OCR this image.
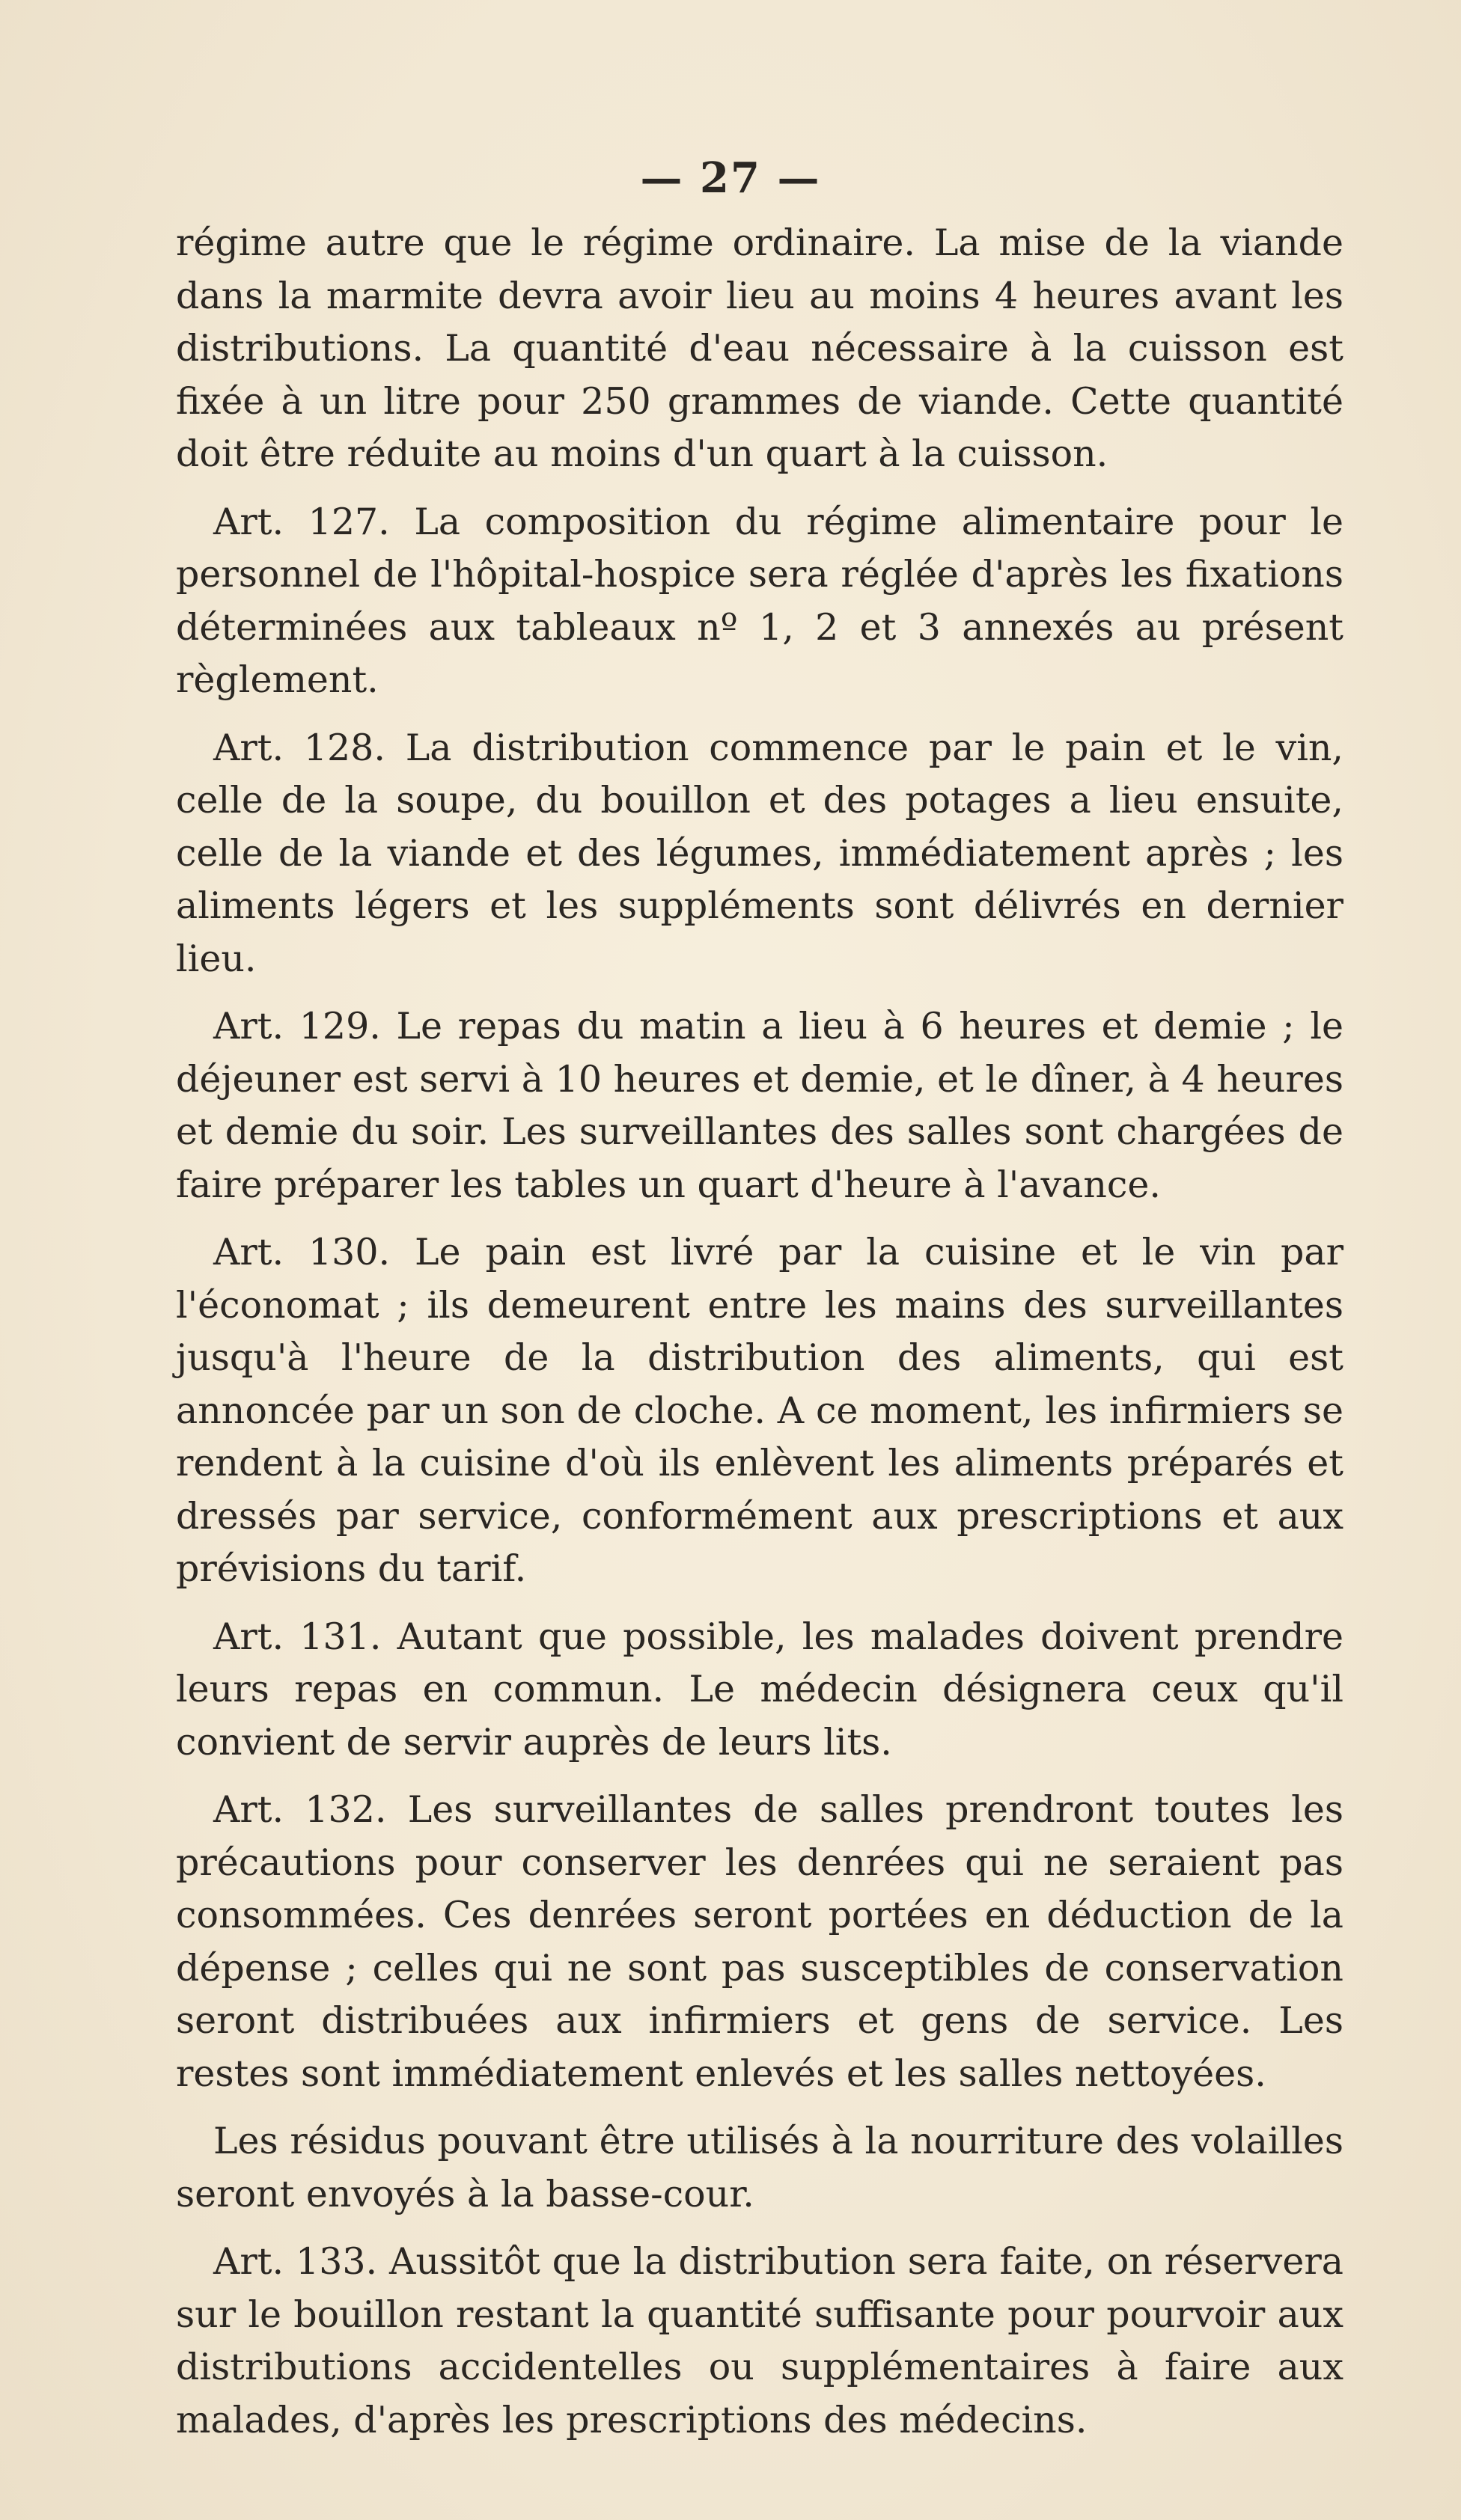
— 27 —

régime autre que le régime ordinaire. La mise de la viande dans la marmite devra avoir lieu au moins 4 heures avant les distributions. La quantité d'eau nécessaire à la cuisson est fixée à un litre pour 250 grammes de viande. Cette quantité doit être réduite au moins d'un quart à la cuisson.

Art. 127. La composition du régime alimentaire pour le personnel de l'hôpital-hospice sera réglée d'après les fixations déterminées aux tableaux nº 1, 2 et 3 annexés au présent règlement.

Art. 128. La distribution commence par le pain et le vin, celle de la soupe, du bouillon et des potages a lieu ensuite, celle de la viande et des légumes, immédiatement après ; les aliments légers et les suppléments sont délivrés en dernier lieu.

Art. 129. Le repas du matin a lieu à 6 heures et demie ; le déjeuner est servi à 10 heures et demie, et le dîner, à 4 heures et demie du soir. Les surveillantes des salles sont chargées de faire préparer les tables un quart d'heure à l'avance.

Art. 130. Le pain est livré par la cuisine et le vin par l'économat ; ils demeurent entre les mains des surveillantes jusqu'à l'heure de la distribution des aliments, qui est annoncée par un son de cloche. A ce moment, les infirmiers se rendent à la cuisine d'où ils enlèvent les aliments préparés et dressés par service, conformément aux prescriptions et aux prévisions du tarif.

Art. 131. Autant que possible, les malades doivent prendre leurs repas en commun. Le médecin désignera ceux qu'il convient de servir auprès de leurs lits.

Art. 132. Les surveillantes de salles prendront toutes les précautions pour conserver les denrées qui ne seraient pas consommées. Ces denrées seront portées en déduction de la dépense ; celles qui ne sont pas susceptibles de conservation seront distribuées aux infirmiers et gens de service. Les restes sont immédiatement enlevés et les salles nettoyées.

Les résidus pouvant être utilisés à la nourriture des volailles seront envoyés à la basse-cour.

Art. 133. Aussitôt que la distribution sera faite, on réservera sur le bouillon restant la quantité suffisante pour pourvoir aux distributions accidentelles ou supplémentaires à faire aux malades, d'après les prescriptions des médecins.
